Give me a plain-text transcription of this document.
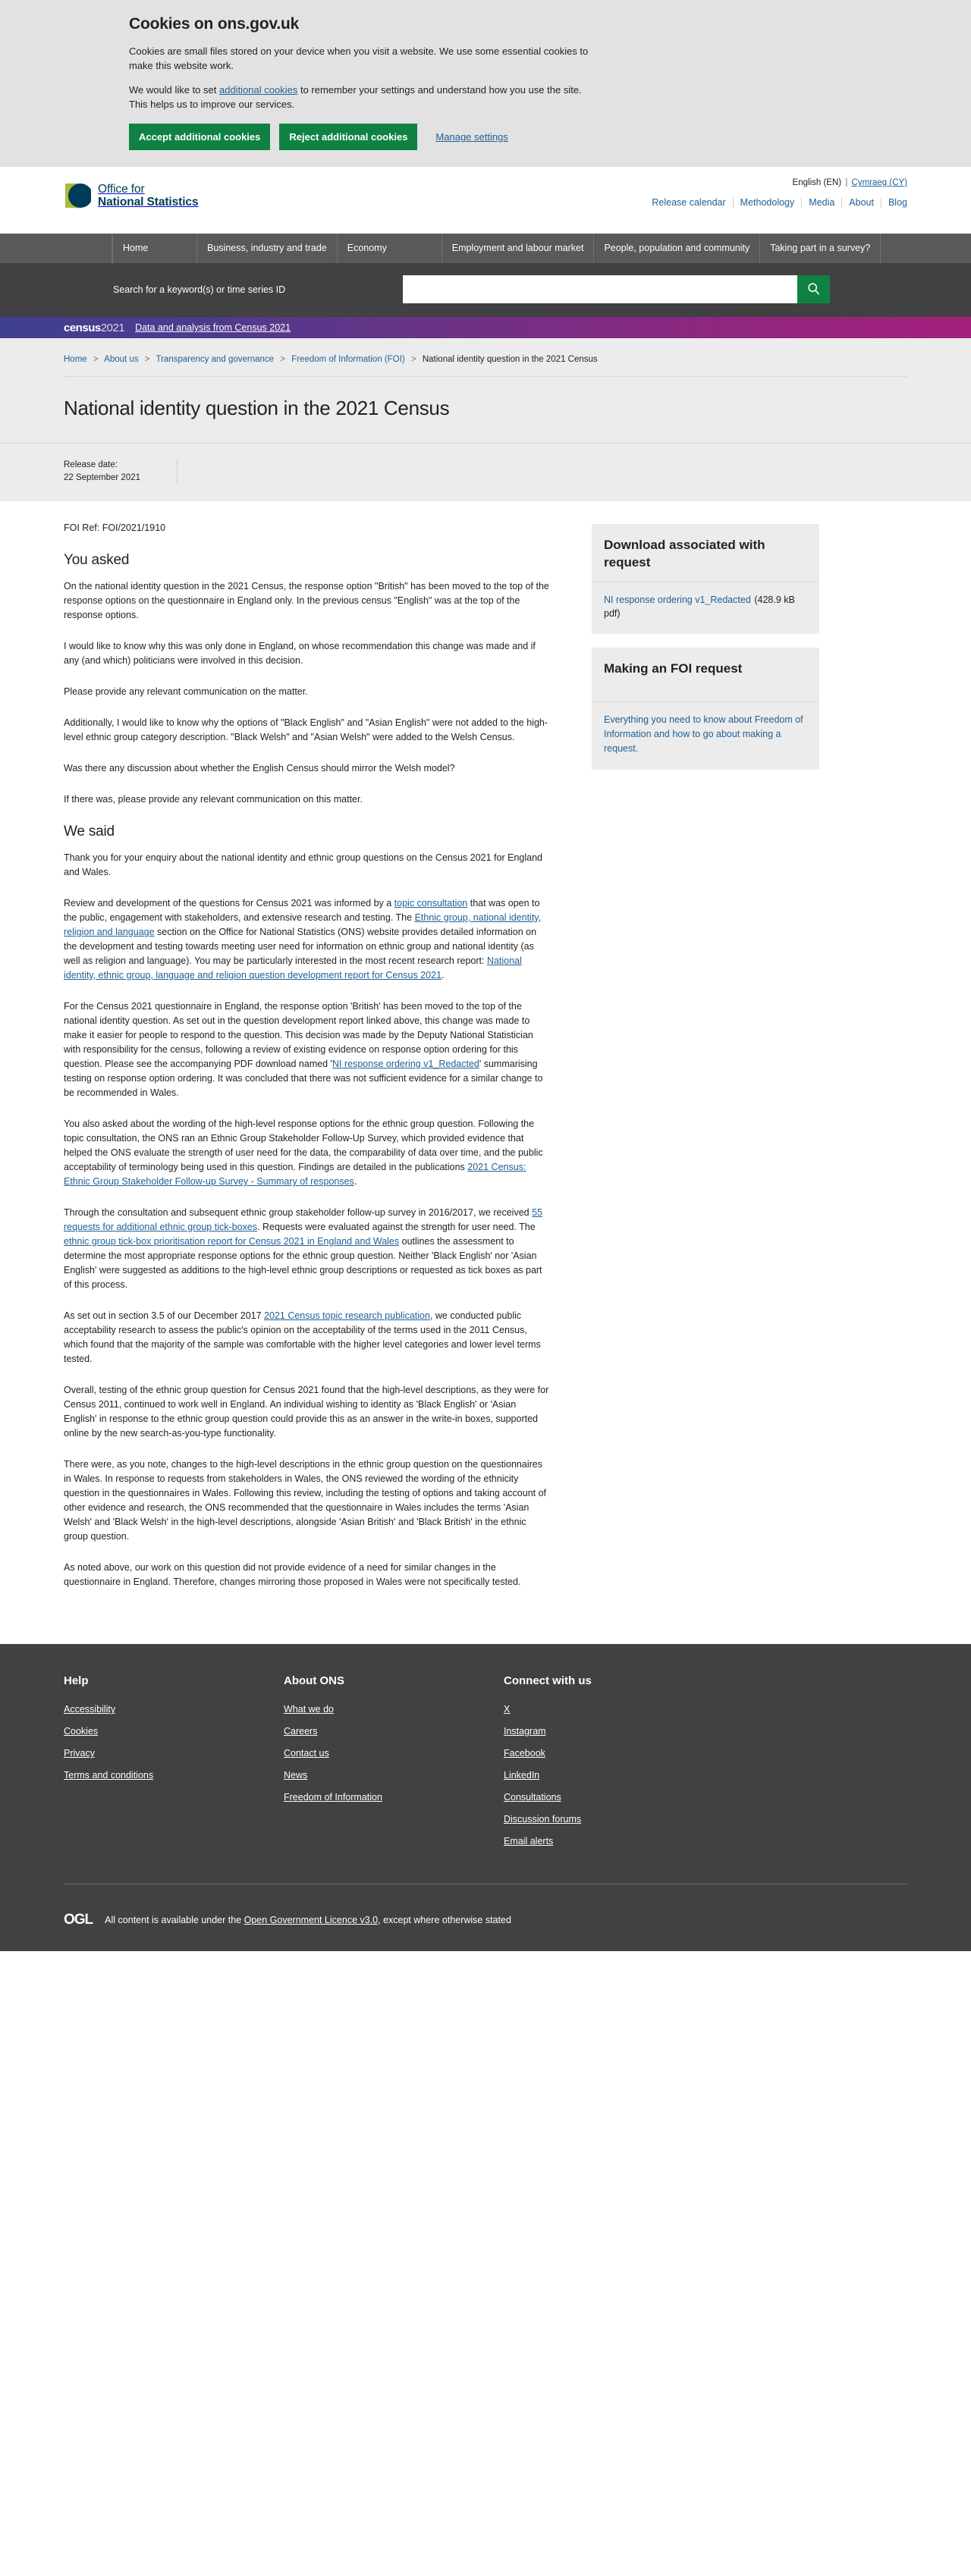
Cookies on ons.gov.uk

Cookies are small files stored on your device when you visit a website. We use some essential cookies to make this website work.

We would like to set additional cookies to remember your settings and understand how you use the site. This helps us to improve our services.

Accept additional cookies	Reject additional cookies	Manage settings
Office for
National Statistics
English (EN) | Cymraeg (CY)
Release calendar	Methodology	Media	About	Blog
Home	Business, industry and trade	Economy	Employment and labour market	People, population and community	Taking part in a survey?
Search for a keyword(s) or time series ID
census2021 Data and analysis from Census 2021
Home > About us > Transparency and governance > Freedom of Information (FOI) > National identity question in the 2021 Census
National identity question in the 2021 Census
Release date:
22 September 2021

FOI Ref: FOI/2021/1910

You asked

On the national identity question in the 2021 Census, the response option "British" has been moved to the top of the response options on the questionnaire in England only. In the previous census "English" was at the top of the response options.

I would like to know why this was only done in England, on whose recommendation this change was made and if any (and which) politicians were involved in this decision.

Please provide any relevant communication on the matter.

Additionally, I would like to know why the options of "Black English" and "Asian English" were not added to the high-level ethnic group category description. "Black Welsh" and "Asian Welsh" were added to the Welsh Census.

Was there any discussion about whether the English Census should mirror the Welsh model?

If there was, please provide any relevant communication on this matter.

We said

Thank you for your enquiry about the national identity and ethnic group questions on the Census 2021 for England and Wales.

Review and development of the questions for Census 2021 was informed by a topic consultation that was open to the public, engagement with stakeholders, and extensive research and testing. The Ethnic group, national identity, religion and language section on the Office for National Statistics (ONS) website provides detailed information on the development and testing towards meeting user need for information on ethnic group and national identity (as well as religion and language). You may be particularly interested in the most recent research report: National identity, ethnic group, language and religion question development report for Census 2021.

For the Census 2021 questionnaire in England, the response option 'British' has been moved to the top of the national identity question. As set out in the question development report linked above, this change was made to make it easier for people to respond to the question. This decision was made by the Deputy National Statistician with responsibility for the census, following a review of existing evidence on response option ordering for this question. Please see the accompanying PDF download named 'NI response ordering v1_Redacted' summarising testing on response option ordering. It was concluded that there was not sufficient evidence for a similar change to be recommended in Wales.

You also asked about the wording of the high-level response options for the ethnic group question. Following the topic consultation, the ONS ran an Ethnic Group Stakeholder Follow-Up Survey, which provided evidence that helped the ONS evaluate the strength of user need for the data, the comparability of data over time, and the public acceptability of terminology being used in this question. Findings are detailed in the publications 2021 Census: Ethnic Group Stakeholder Follow-up Survey - Summary of responses.

Through the consultation and subsequent ethnic group stakeholder follow-up survey in 2016/2017, we received 55 requests for additional ethnic group tick-boxes. Requests were evaluated against the strength for user need. The ethnic group tick-box prioritisation report for Census 2021 in England and Wales outlines the assessment to determine the most appropriate response options for the ethnic group question. Neither 'Black English' nor 'Asian English' were suggested as additions to the high-level ethnic group descriptions or requested as tick boxes as part of this process.

As set out in section 3.5 of our December 2017 2021 Census topic research publication, we conducted public acceptability research to assess the public's opinion on the acceptability of the terms used in the 2011 Census, which found that the majority of the sample was comfortable with the higher level categories and lower level terms tested.

Overall, testing of the ethnic group question for Census 2021 found that the high-level descriptions, as they were for Census 2011, continued to work well in England. An individual wishing to identity as 'Black English' or 'Asian English' in response to the ethnic group question could provide this as an answer in the write-in boxes, supported online by the new search-as-you-type functionality.

There were, as you note, changes to the high-level descriptions in the ethnic group question on the questionnaires in Wales. In response to requests from stakeholders in Wales, the ONS reviewed the wording of the ethnicity question in the questionnaires in Wales. Following this review, including the testing of options and taking account of other evidence and research, the ONS recommended that the questionnaire in Wales includes the terms 'Asian Welsh' and 'Black Welsh' in the high-level descriptions, alongside 'Asian British' and 'Black British' in the ethnic group question.

As noted above, our work on this question did not provide evidence of a need for similar changes in the questionnaire in England. Therefore, changes mirroring those proposed in Wales were not specifically tested.

Download associated with request
NI response ordering v1_Redacted (428.9 kB pdf)
Making an FOI request

Everything you need to know about Freedom of Information and how to go about making a request.

Help
Accessibility
Cookies
Privacy
Terms and conditions
About ONS
What we do
Careers
Contact us
News
Freedom of Information
Connect with us
X
Instagram
Facebook
LinkedIn
Consultations
Discussion forums
Email alerts
OGL All content is available under the Open Government Licence v3.0, except where otherwise stated
